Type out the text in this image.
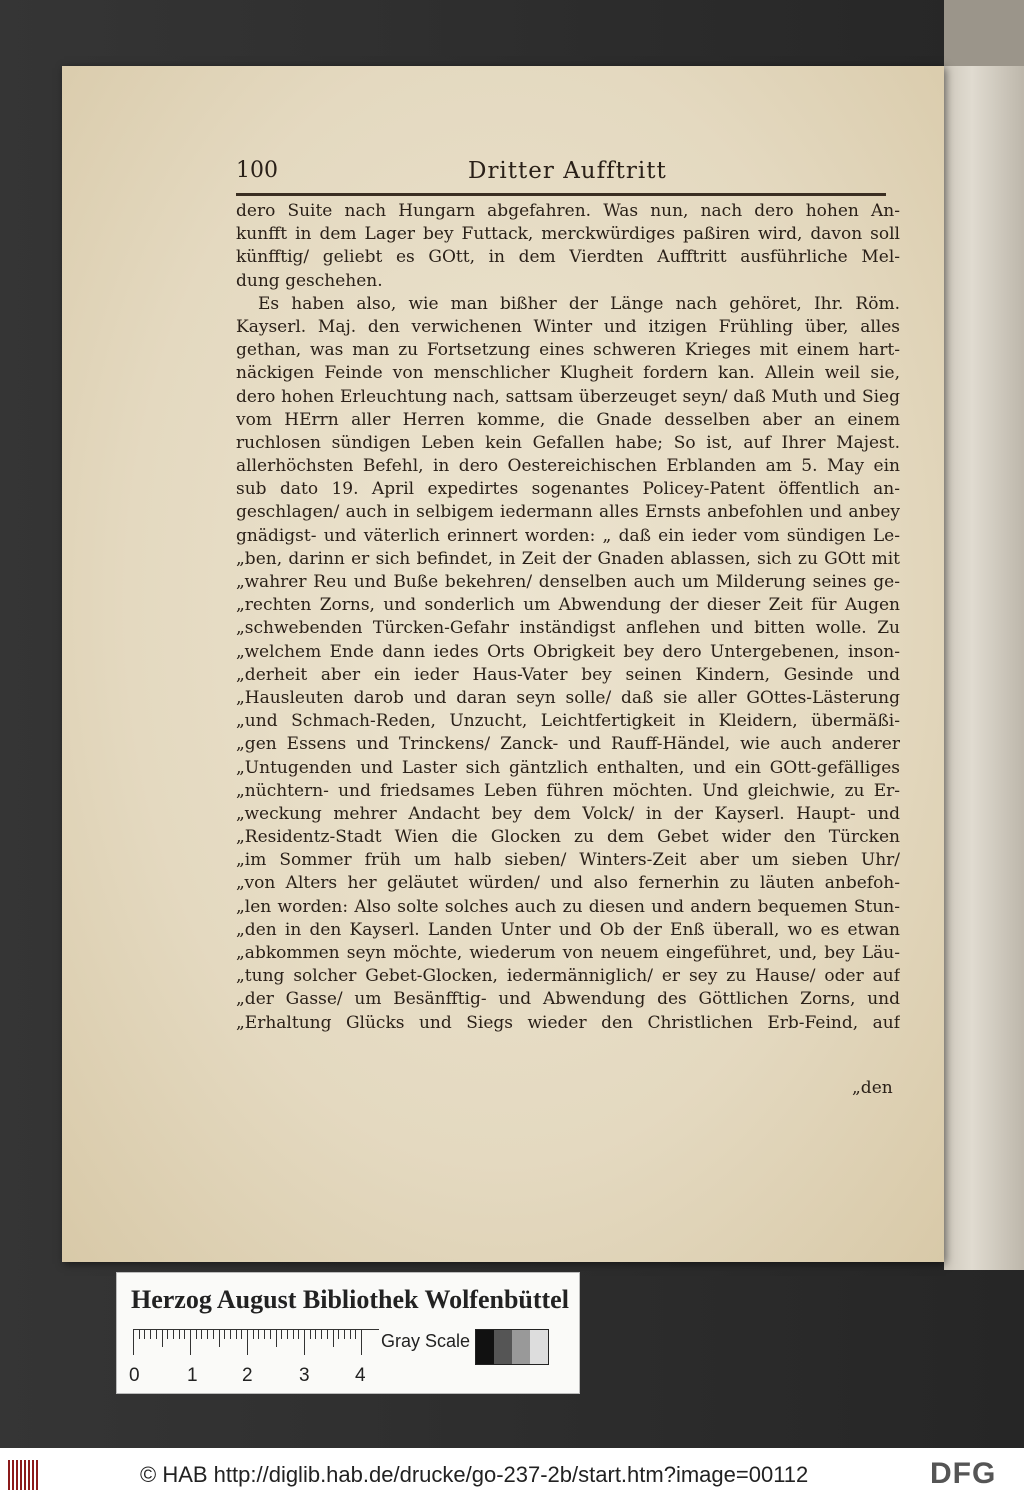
100	Dritter Aufftritt
dero Suite nach Hungarn abgefahren. Was nun, nach dero hohen An-
kunfft in dem Lager bey Futtack, merckwürdiges paßiren wird, davon soll
künfftig/ geliebt es GOtt, in dem Vierdten Aufftritt ausführliche Mel-
dung geschehen.
Es haben also, wie man bißher der Länge nach gehöret, Ihr. Röm.
Kayserl. Maj. den verwichenen Winter und itzigen Frühling über, alles
gethan, was man zu Fortsetzung eines schweren Krieges mit einem hart-
näckigen Feinde von menschlicher Klugheit fordern kan. Allein weil sie,
dero hohen Erleuchtung nach, sattsam überzeuget seyn/ daß Muth und Sieg
vom HErrn aller Herren komme, die Gnade desselben aber an einem
ruchlosen sündigen Leben kein Gefallen habe; So ist, auf Ihrer Majest.
allerhöchsten Befehl, in dero Oestereichischen Erblanden am 5. May ein
sub dato 19. April expedirtes sogenantes Policey-Patent öffentlich an-
geschlagen/ auch in selbigem iedermann alles Ernsts anbefohlen und anbey
gnädigst- und väterlich erinnert worden: „ daß ein ieder vom sündigen Le-
„ben, darinn er sich befindet, in Zeit der Gnaden ablassen, sich zu GOtt mit
„wahrer Reu und Buße bekehren/ denselben auch um Milderung seines ge-
„rechten Zorns, und sonderlich um Abwendung der dieser Zeit für Augen
„schwebenden Türcken-Gefahr inständigst anflehen und bitten wolle. Zu
„welchem Ende dann iedes Orts Obrigkeit bey dero Untergebenen, inson-
„derheit aber ein ieder Haus-Vater bey seinen Kindern, Gesinde und
„Hausleuten darob und daran seyn solle/ daß sie aller GOttes-Lästerung
„und Schmach-Reden, Unzucht, Leichtfertigkeit in Kleidern, übermäßi-
„gen Essens und Trinckens/ Zanck- und Rauff-Händel, wie auch anderer
„Untugenden und Laster sich gäntzlich enthalten, und ein GOtt-gefälliges
„nüchtern- und friedsames Leben führen möchten. Und gleichwie, zu Er-
„weckung mehrer Andacht bey dem Volck/ in der Kayserl. Haupt- und
„Residentz-Stadt Wien die Glocken zu dem Gebet wider den Türcken
„im Sommer früh um halb sieben/ Winters-Zeit aber um sieben Uhr/
„von Alters her geläutet würden/ und also fernerhin zu läuten anbefoh-
„len worden: Also solte solches auch zu diesen und andern bequemen Stun-
„den in den Kayserl. Landen Unter und Ob der Enß überall, wo es etwan
„abkommen seyn möchte, wiederum von neuem eingeführet, und, bey Läu-
„tung solcher Gebet-Glocken, iedermänniglich/ er sey zu Hause/ oder auf
„der Gasse/ um Besänfftig- und Abwendung des Göttlichen Zorns, und
„Erhaltung Glücks und Siegs wieder den Christlichen Erb-Feind, auf
„den
Herzog August Bibliothek Wolfenbüttel
0 1 2 3 4
Gray Scale
© HAB http://diglib.hab.de/drucke/go-237-2b/start.htm?image=00112	DFG
